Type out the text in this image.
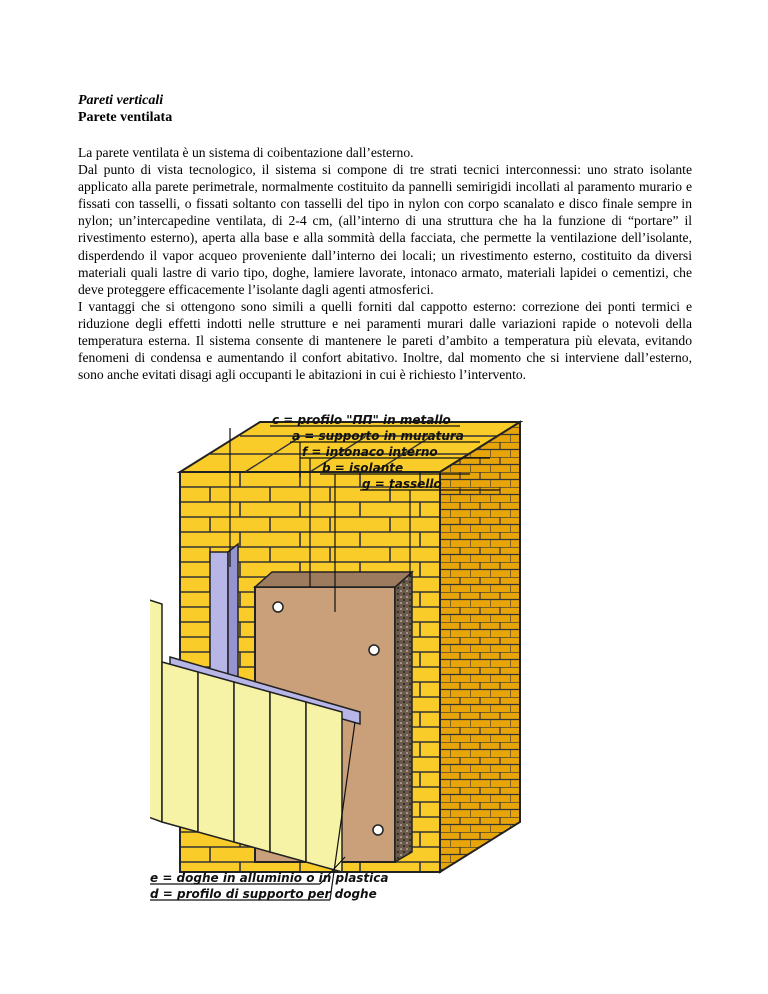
Pareti verticali
Parete ventilata

La parete ventilata è un sistema di coibentazione dall’esterno.

Dal punto di vista tecnologico, il sistema si compone di tre strati tecnici interconnessi: uno strato isolante applicato alla parete perimetrale, normalmente costituito da pannelli semirigidi incollati al paramento murario e fissati con tasselli, o fissati soltanto con tasselli del tipo in nylon con corpo scanalato e disco finale sempre in nylon; un’intercapedine ventilata, di 2-4 cm, (all’interno di una struttura che ha la funzione di “portare” il rivestimento esterno), aperta alla base e alla sommità della facciata, che permette la ventilazione dell’isolante, disperdendo il vapor acqueo proveniente dall’interno dei locali; un rivestimento esterno, costituito da diversi materiali quali lastre di vario tipo, doghe, lamiere lavorate, intonaco armato, materiali lapidei o cementizi, che deve proteggere efficacemente l’isolante dagli agenti atmosferici.

I vantaggi che si ottengono sono simili a quelli forniti dal cappotto esterno: correzione dei ponti termici e riduzione degli effetti indotti nelle strutture e nei paramenti murari dalle variazioni rapide o notevoli della temperatura esterna. Il sistema consente di mantenere le pareti d’ambito a temperatura più elevata, evitando fenomeni di condensa e aumentando il confort abitativo. Inoltre, dal momento che si interviene dall’esterno, sono anche evitati disagi agli occupanti le abitazioni in cui è richiesto l’intervento.

c = profilo "ΠΠ" in metallo
a = supporto in muratura
f = intonaco interno
b = isolante
g = tassello
e = doghe in alluminio o in plastica
d = profilo di supporto per doghe
